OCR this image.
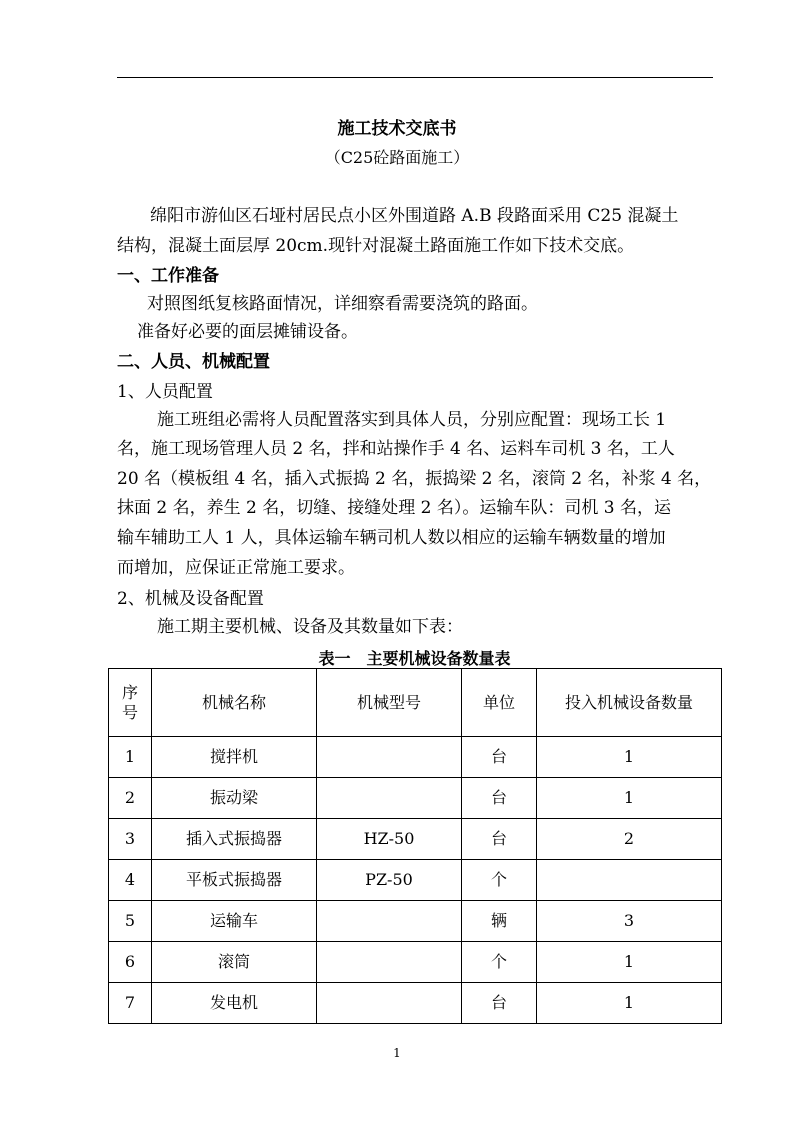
施工技术交底书
（C25砼路面施工）
绵阳市游仙区石垭村居民点小区外围道路 A.B 段路面采用 C25 混凝土
结构，混凝土面层厚 20cm.现针对混凝土路面施工作如下技术交底。
一、工作准备
对照图纸复核路面情况，详细察看需要浇筑的路面。
准备好必要的面层摊铺设备。
二、人员、机械配置
1、人员配置
施工班组必需将人员配置落实到具体人员，分别应配置：现场工长 1
名，施工现场管理人员 2 名，拌和站操作手 4 名、运料车司机 3 名，工人
20 名（模板组 4 名，插入式振捣 2 名，振捣梁 2 名，滚筒 2 名，补浆 4 名，
抹面 2 名，养生 2 名，切缝、接缝处理 2 名）。运输车队：司机 3 名，运
输车辅助工人 1 人，具体运输车辆司机人数以相应的运输车辆数量的增加
而增加，应保证正常施工要求。
2、机械及设备配置
施工期主要机械、设备及其数量如下表：
表一　主要机械设备数量表
序
号	机械名称	机械型号	单位	投入机械设备数量
1	搅拌机		台	1
2	振动梁		台	1
3	插入式振捣器	HZ-50	台	2
4	平板式振捣器	PZ-50	个	
5	运输车		辆	3
6	滚筒		个	1
7	发电机		台	1
1
